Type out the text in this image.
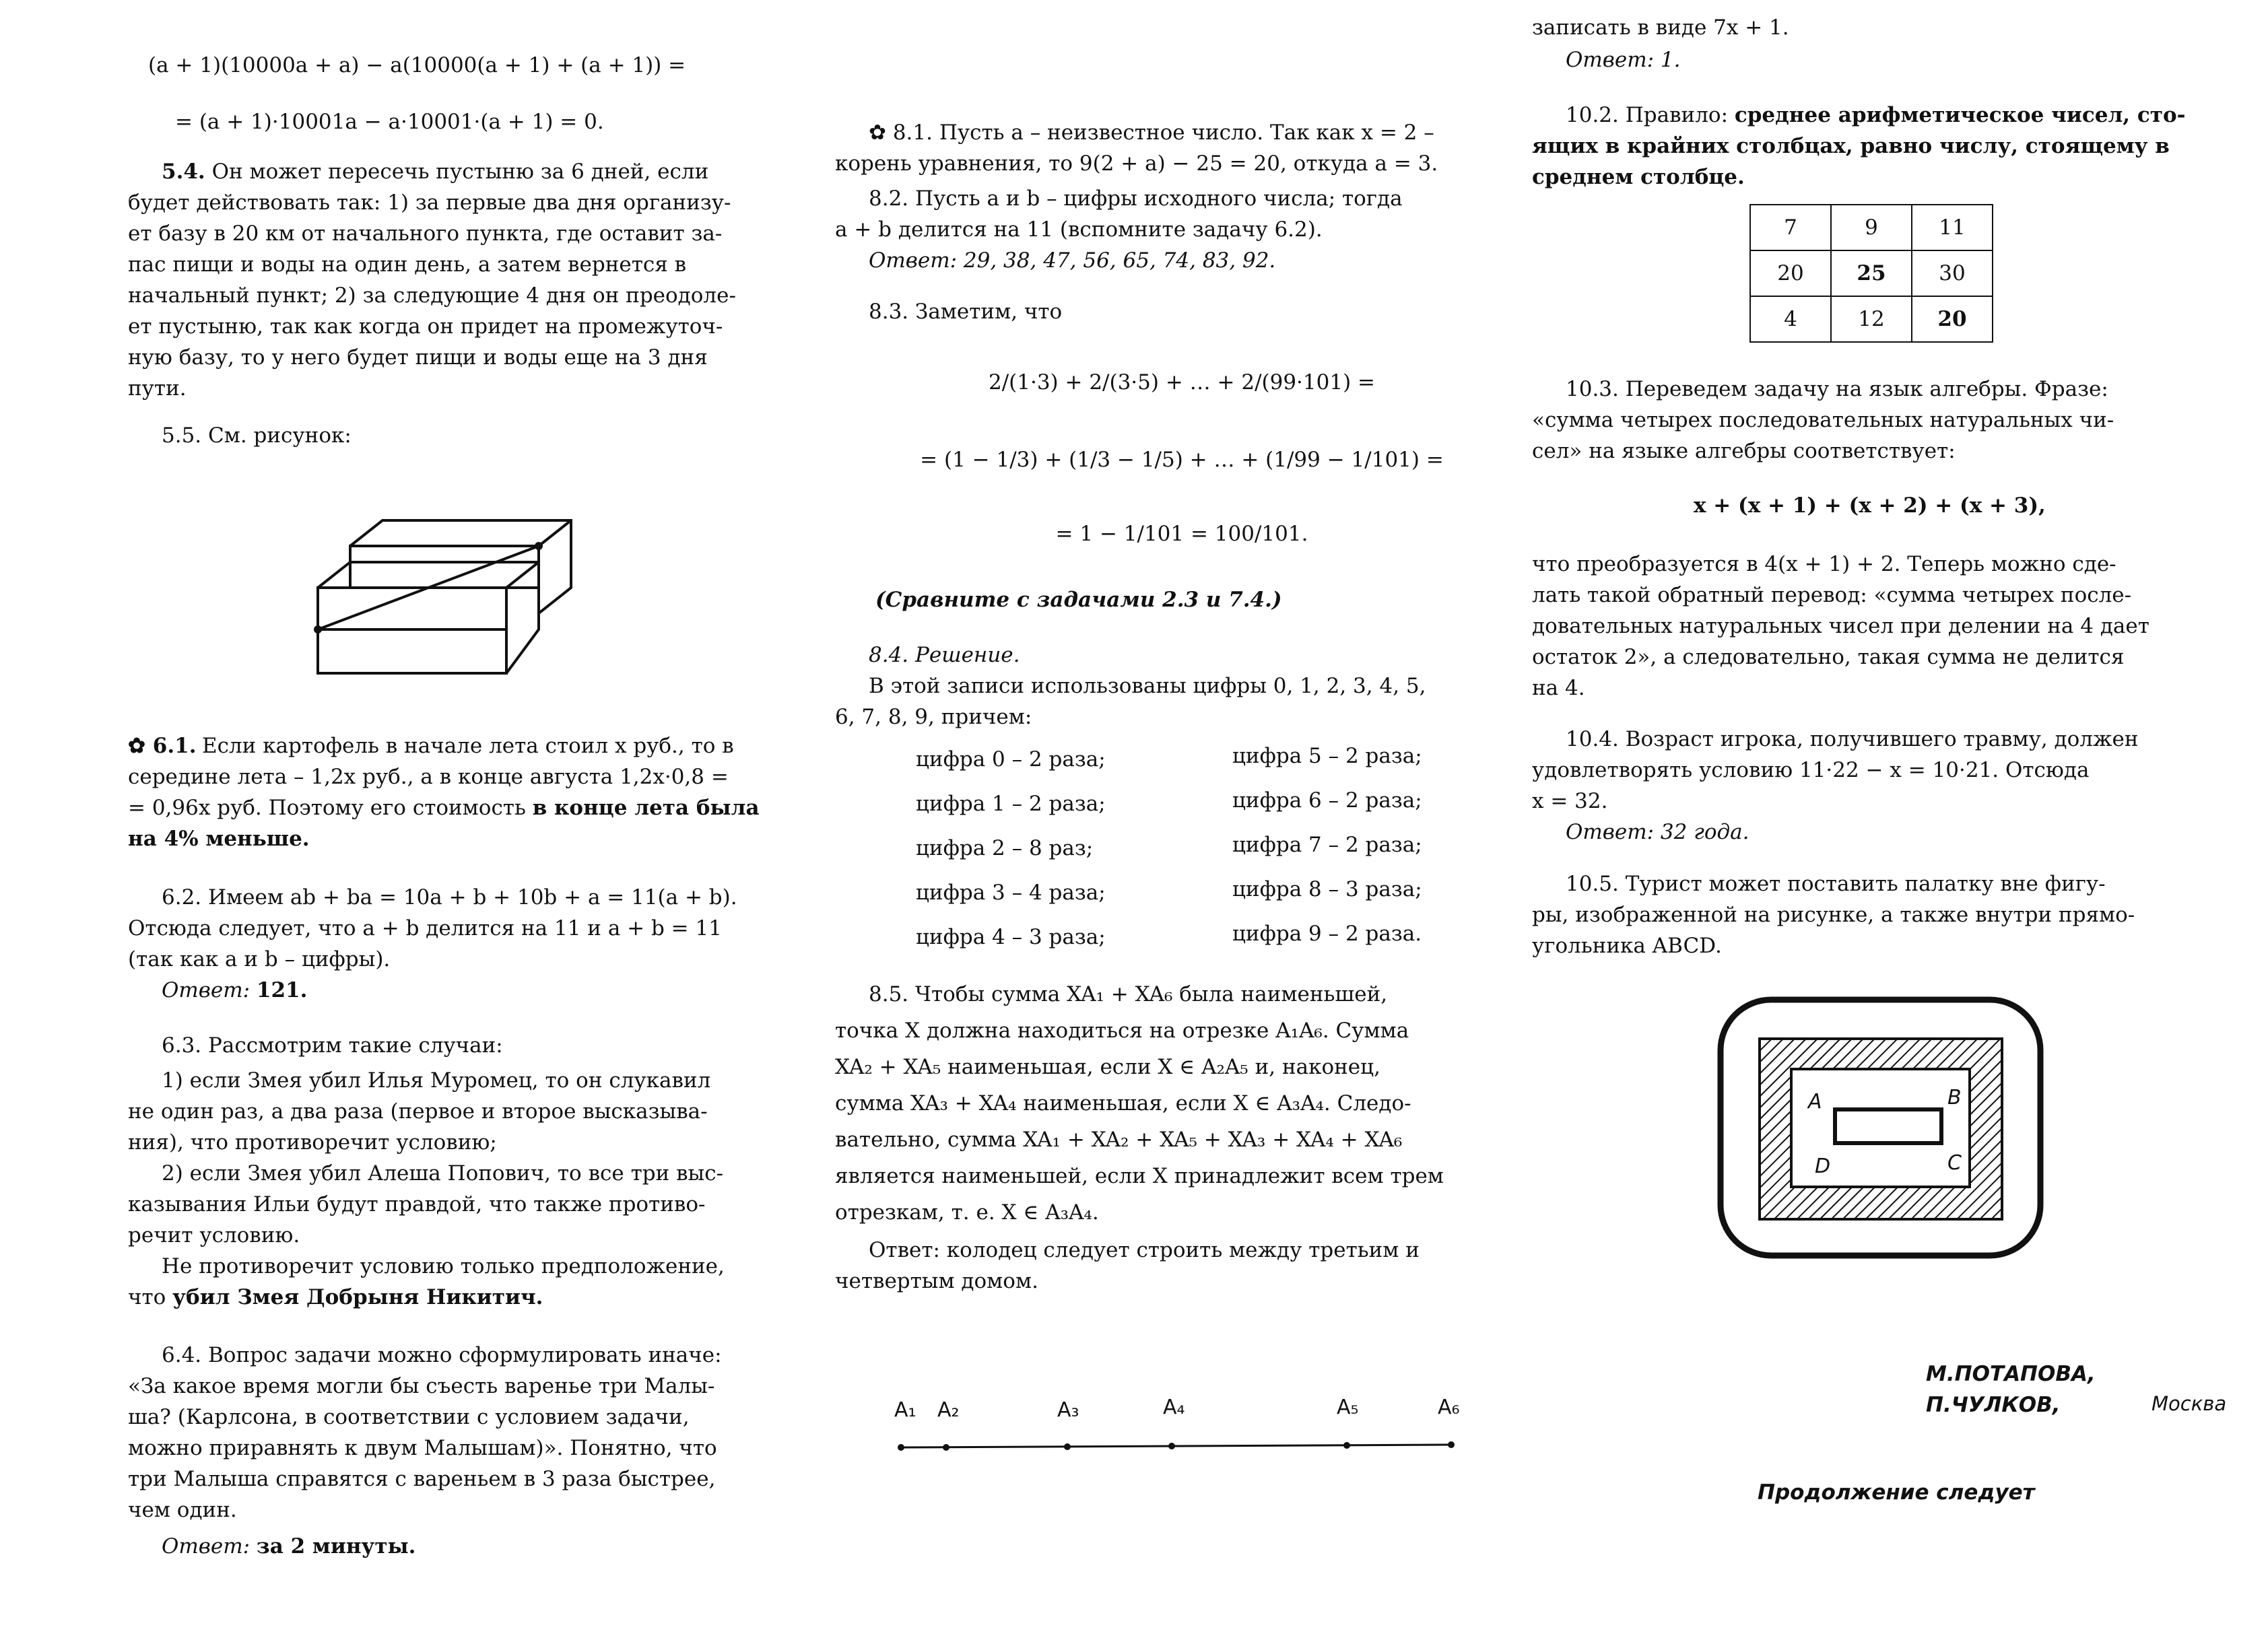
(a + 1)(10000a + a) − a(10000(a + 1) + (a + 1)) =
= (a + 1)·10001a − a·10001·(a + 1) = 0.

5.4. Он может пересечь пустыню за 6 дней, если

будет действовать так: 1) за первые два дня организу-

ет базу в 20 км от начального пункта, где оставит за-

пас пищи и воды на один день, а затем вернется в

начальный пункт; 2) за следующие 4 дня он преодоле-

ет пустыню, так как когда он придет на промежуточ-

ную базу, то у него будет пищи и воды еще на 3 дня

пути.

5.5. См. рисунок:

✿ 6.1. Если картофель в начале лета стоил x руб., то в

середине лета – 1,2x руб., а в конце августа 1,2x·0,8 =

= 0,96x руб. Поэтому его стоимость в конце лета была

на 4% меньше.

6.2. Имеем ab + ba = 10a + b + 10b + a = 11(a + b).

Отсюда следует, что a + b делится на 11 и a + b = 11

(так как a и b – цифры).

Ответ: 121.

6.3. Рассмотрим такие случаи:

1) если Змея убил Илья Муромец, то он слукавил

не один раз, а два раза (первое и второе высказыва-

ния), что противоречит условию;

2) если Змея убил Алеша Попович, то все три выс-

казывания Ильи будут правдой, что также противо-

речит условию.

Не противоречит условию только предположение,

что убил Змея Добрыня Никитич.

6.4. Вопрос задачи можно сформулировать иначе:

«За какое время могли бы съесть варенье три Малы-

ша? (Карлсона, в соответствии с условием задачи,

можно приравнять к двум Малышам)». Понятно, что

три Малыша справятся с вареньем в 3 раза быстрее,

чем один.

Ответ: за 2 минуты.

✿ 8.1. Пусть a – неизвестное число. Так как x = 2 –

корень уравнения, то 9(2 + a) − 25 = 20, откуда a = 3.

8.2. Пусть a и b – цифры исходного числа; тогда

a + b делится на 11 (вспомните задачу 6.2).

Ответ: 29, 38, 47, 56, 65, 74, 83, 92.

8.3. Заметим, что

2/(1·3) + 2/(3·5) + … + 2/(99·101) =

= (1 − 1/3) + (1/3 − 1/5) + … + (1/99 − 1/101) =

= 1 − 1/101 = 100/101.

(Сравните с задачами 2.3 и 7.4.)

8.4. Решение.

В этой записи использованы цифры 0, 1, 2, 3, 4, 5,

6, 7, 8, 9, причем:

цифра 0 – 2 раза;

цифра 1 – 2 раза;

цифра 2 – 8 раз;

цифра 3 – 4 раза;

цифра 4 – 3 раза;

цифра 5 – 2 раза;

цифра 6 – 2 раза;

цифра 7 – 2 раза;

цифра 8 – 3 раза;

цифра 9 – 2 раза.

8.5. Чтобы сумма XA₁ + XA₆ была наименьшей,

точка X должна находиться на отрезке A₁A₆. Сумма

XA₂ + XA₅ наименьшая, если X ∈ A₂A₅ и, наконец,

сумма XA₃ + XA₄ наименьшая, если X ∈ A₃A₄. Следо-

вательно, сумма XA₁ + XA₂ + XA₅ + XA₃ + XA₄ + XA₆

является наименьшей, если X принадлежит всем трем

отрезкам, т. е. X ∈ A₃A₄.

Ответ: колодец следует строить между третьим и

четвертым домом.

A₁ A₂	A₃	A₄	A₅	A₆

записать в виде 7x + 1.

Ответ: 1.

10.2. Правило: среднее арифметическое чисел, сто-

ящих в крайних столбцах, равно числу, стоящему в

среднем столбце.

7	9	11
20	25	30
4	12	20

10.3. Переведем задачу на язык алгебры. Фразе:

«сумма четырех последовательных натуральных чи-

сел» на языке алгебры соответствует:

x + (x + 1) + (x + 2) + (x + 3),

что преобразуется в 4(x + 1) + 2. Теперь можно сде-

лать такой обратный перевод: «сумма четырех после-

довательных натуральных чисел при делении на 4 дает

остаток 2», а следовательно, такая сумма не делится

на 4.

10.4. Возраст игрока, получившего травму, должен

удовлетворять условию 11·22 − x = 10·21. Отсюда

x = 32.

Ответ: 32 года.

10.5. Турист может поставить палатку вне фигу-

ры, изображенной на рисунке, а также внутри прямо-

угольника ABCD.

A	B
C
D

М.ПОТАПОВА, П.ЧУЛКОВ,	Москва

Продолжение следует
